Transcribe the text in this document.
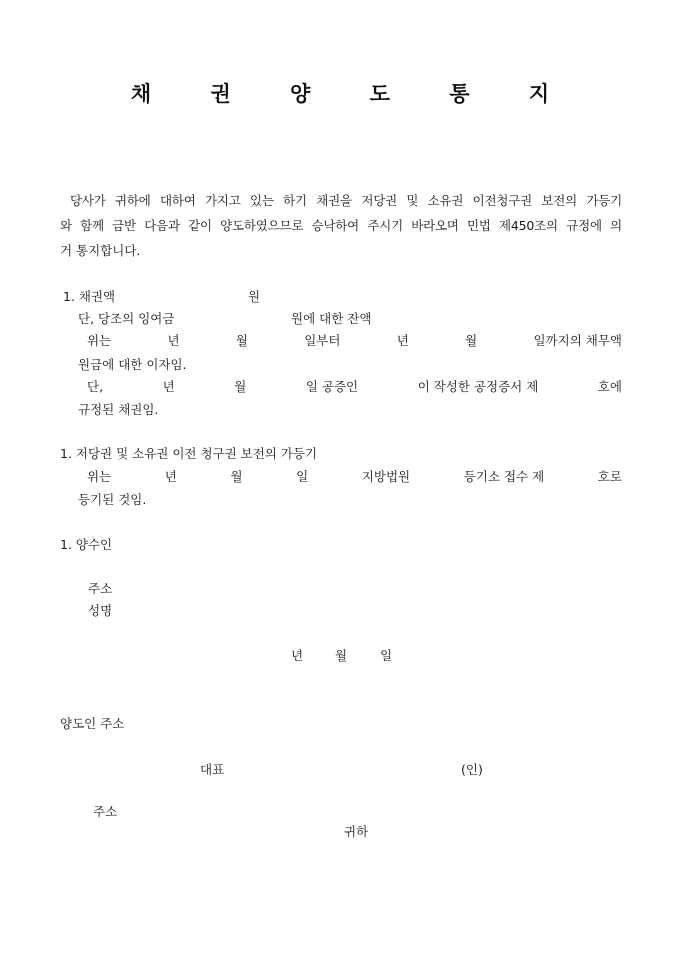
채 권 양 도 통 지
당사가 귀하에 대하여 가지고 있는 하기 채권을 저당권 및 소유권 이전청구권 보전의 가등기
와 함께 금반 다음과 같이 양도하였으므로 승낙하여 주시기 바라오며 민법 제450조의 규정에 의
거 통지합니다.
1. 채권액	원
단, 당조의 잉여금	원에 대한 잔액
위는	년	월	일부터	년	월	일까지의 채무액
원금에 대한 이자임.
단,	년	월	일 공증인	이 작성한 공정증서 제	호에
규정된 채권임.
1. 저당권 및 소유권 이전 청구권 보전의 가등기
위는	년	월	일	지방법원	등기소 접수 제	호로
등기된 것임.
1. 양수인
주소
성명
년	월	일
양도인 주소
대표	(인)
주소
귀하
